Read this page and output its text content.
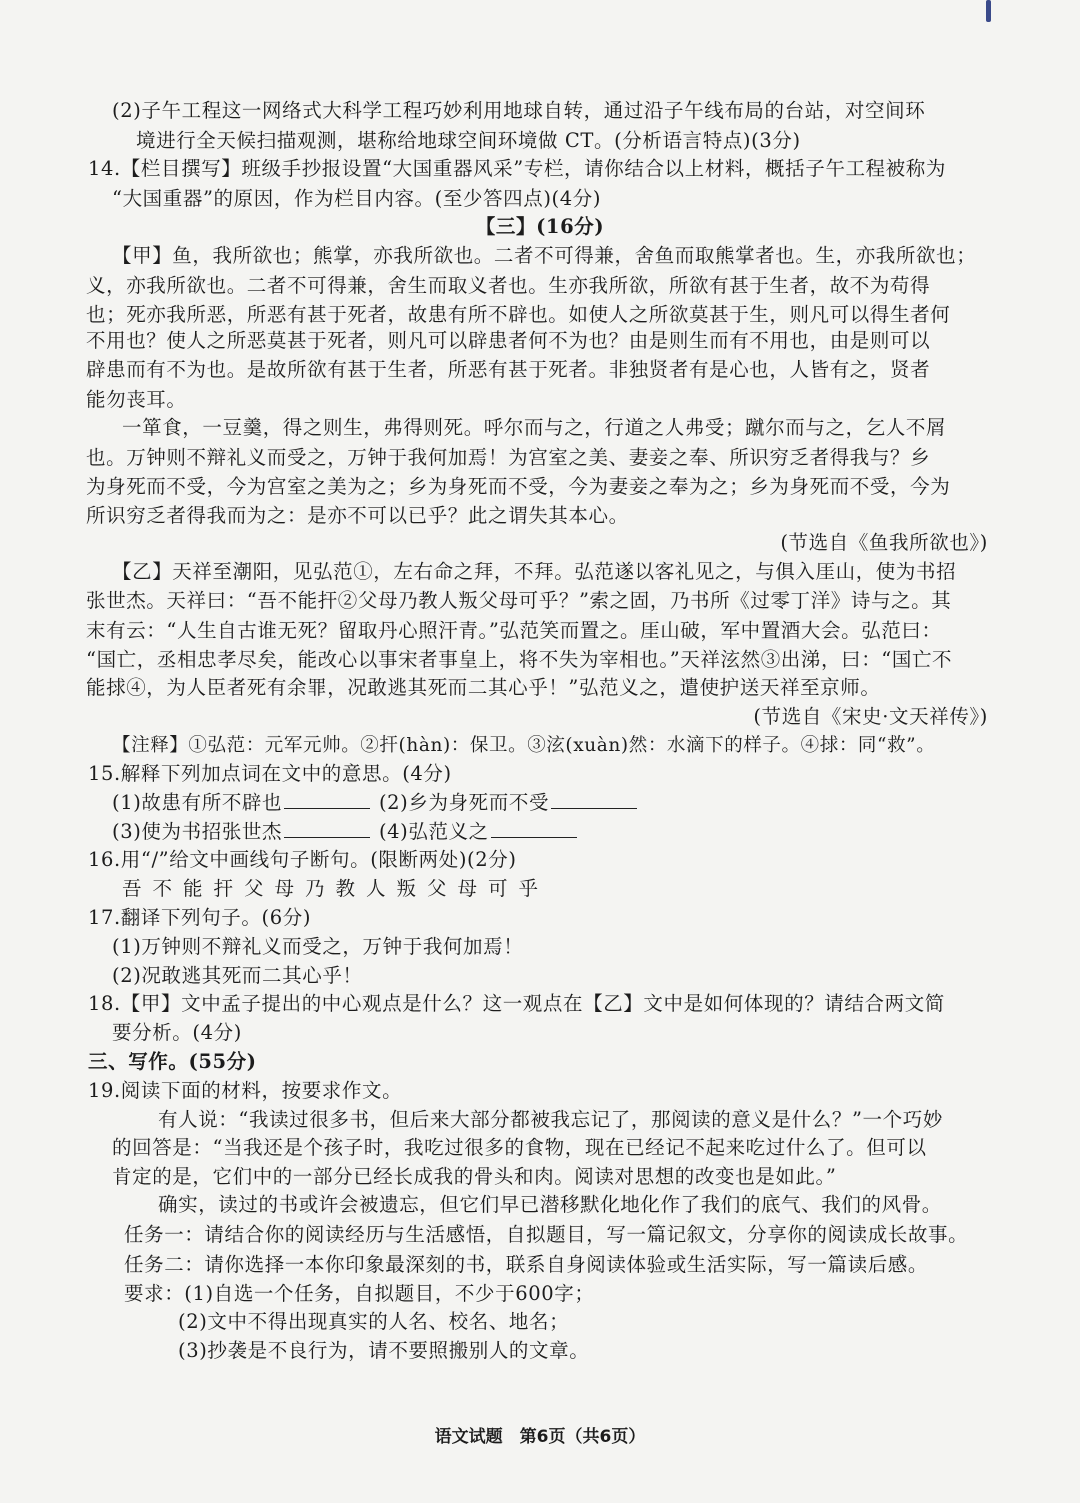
(2)子午工程这一网络式大科学工程巧妙利用地球自转，通过沿子午线布局的台站，对空间环
境进行全天候扫描观测，堪称给地球空间环境做 CT。(分析语言特点)(3分)
14.【栏目撰写】班级手抄报设置“大国重器风采”专栏，请你结合以上材料，概括子午工程被称为
“大国重器”的原因，作为栏目内容。(至少答四点)(4分)
【三】(16分)
【甲】鱼，我所欲也；熊掌，亦我所欲也。二者不可得兼，舍鱼而取熊掌者也。生，亦我所欲也；
义，亦我所欲也。二者不可得兼，舍生而取义者也。生亦我所欲，所欲有甚于生者，故不为苟得
也；死亦我所恶，所恶有甚于死者，故患有所不辟也。如使人之所欲莫甚于生，则凡可以得生者何
不用也？使人之所恶莫甚于死者，则凡可以辟患者何不为也？由是则生而有不用也，由是则可以
辟患而有不为也。是故所欲有甚于生者，所恶有甚于死者。非独贤者有是心也，人皆有之，贤者
能勿丧耳。
一箪食，一豆羹，得之则生，弗得则死。呼尔而与之，行道之人弗受；蹴尔而与之，乞人不屑
也。万钟则不辩礼义而受之，万钟于我何加焉！为宫室之美、妻妾之奉、所识穷乏者得我与？乡
为身死而不受，今为宫室之美为之；乡为身死而不受，今为妻妾之奉为之；乡为身死而不受，今为
所识穷乏者得我而为之：是亦不可以已乎？此之谓失其本心。
(节选自《鱼我所欲也》)
【乙】天祥至潮阳，见弘范①，左右命之拜，不拜。弘范遂以客礼见之，与俱入厓山，使为书招
张世杰。天祥曰：“吾不能扞②父母乃教人叛父母可乎？”索之固，乃书所《过零丁洋》诗与之。其
末有云：“人生自古谁无死？留取丹心照汗青。”弘范笑而置之。厓山破，军中置酒大会。弘范曰：
“国亡，丞相忠孝尽矣，能改心以事宋者事皇上，将不失为宰相也。”天祥泫然③出涕，曰：“国亡不
能捄④，为人臣者死有余罪，况敢逃其死而二其心乎！”弘范义之，遣使护送天祥至京师。
(节选自《宋史·文天祥传》)
【注释】①弘范：元军元帅。②扞(hàn)：保卫。③泫(xuàn)然：水滴下的样子。④捄：同“救”。
15.解释下列加点词在文中的意思。(4分)
(1)故患有所不辟也	(2)乡为身死而不受
(3)使为书招张世杰	(4)弘范义之
16.用“/”给文中画线句子断句。(限断两处)(2分)
吾不能扞父母乃教人叛父母可乎
17.翻译下列句子。(6分)
(1)万钟则不辩礼义而受之，万钟于我何加焉！
(2)况敢逃其死而二其心乎！
18.【甲】文中孟子提出的中心观点是什么？这一观点在【乙】文中是如何体现的？请结合两文简
要分析。(4分)
三、写作。(55分)
19.阅读下面的材料，按要求作文。
有人说：“我读过很多书，但后来大部分都被我忘记了，那阅读的意义是什么？”一个巧妙
的回答是：“当我还是个孩子时，我吃过很多的食物，现在已经记不起来吃过什么了。但可以
肯定的是，它们中的一部分已经长成我的骨头和肉。阅读对思想的改变也是如此。”
确实，读过的书或许会被遗忘，但它们早已潜移默化地化作了我们的底气、我们的风骨。
任务一：请结合你的阅读经历与生活感悟，自拟题目，写一篇记叙文，分享你的阅读成长故事。
任务二：请你选择一本你印象最深刻的书，联系自身阅读体验或生活实际，写一篇读后感。
要求：(1)自选一个任务，自拟题目，不少于600字；
(2)文中不得出现真实的人名、校名、地名；
(3)抄袭是不良行为，请不要照搬别人的文章。
语文试题　第6页（共6页）
